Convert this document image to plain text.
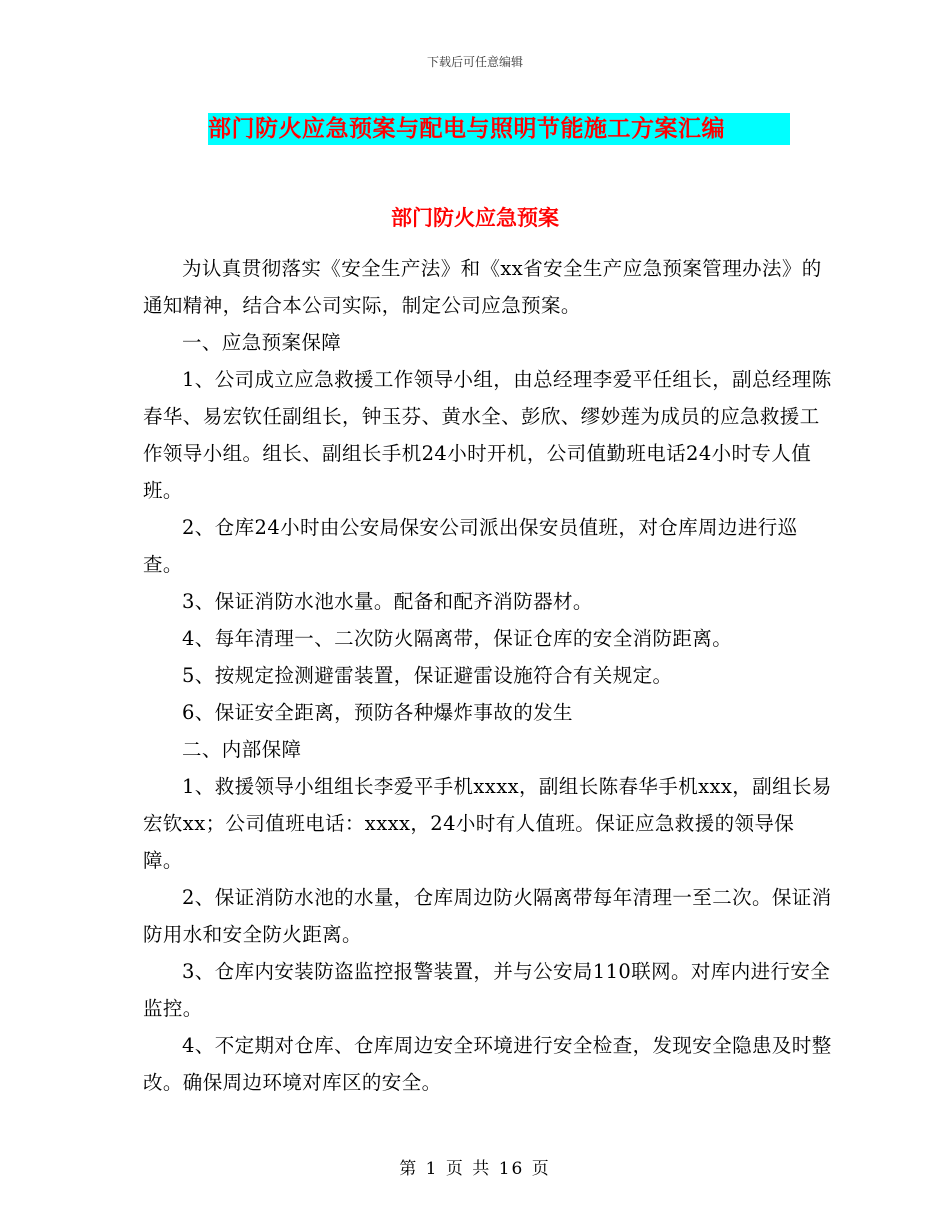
下载后可任意编辑
部门防火应急预案与配电与照明节能施工方案汇编
部门防火应急预案

为认真贯彻落实《安全生产法》和《xx省安全生产应急预案管理办法》的通知精神，结合本公司实际，制定公司应急预案。

一、应急预案保障

1、公司成立应急救援工作领导小组，由总经理李爱平任组长，副总经理陈春华、易宏钦任副组长，钟玉芬、黄水全、彭欣、缪妙莲为成员的应急救援工作领导小组。组长、副组长手机24小时开机，公司值勤班电话24小时专人值班。

2、仓库24小时由公安局保安公司派出保安员值班，对仓库周边进行巡查。

3、保证消防水池水量。配备和配齐消防器材。

4、每年清理一、二次防火隔离带，保证仓库的安全消防距离。

5、按规定捡测避雷装置，保证避雷设施符合有关规定。

6、保证安全距离，预防各种爆炸事故的发生

二、内部保障

1、救援领导小组组长李爱平手机xxxx，副组长陈春华手机xxx，副组长易宏钦xx；公司值班电话：xxxx，24小时有人值班。保证应急救援的领导保障。

2、保证消防水池的水量，仓库周边防火隔离带每年清理一至二次。保证消防用水和安全防火距离。

3、仓库内安装防盗监控报警装置，并与公安局110联网。对库内进行安全监控。

4、不定期对仓库、仓库周边安全环境进行安全检查，发现安全隐患及时整改。确保周边环境对库区的安全。

第 1 页 共 16 页
